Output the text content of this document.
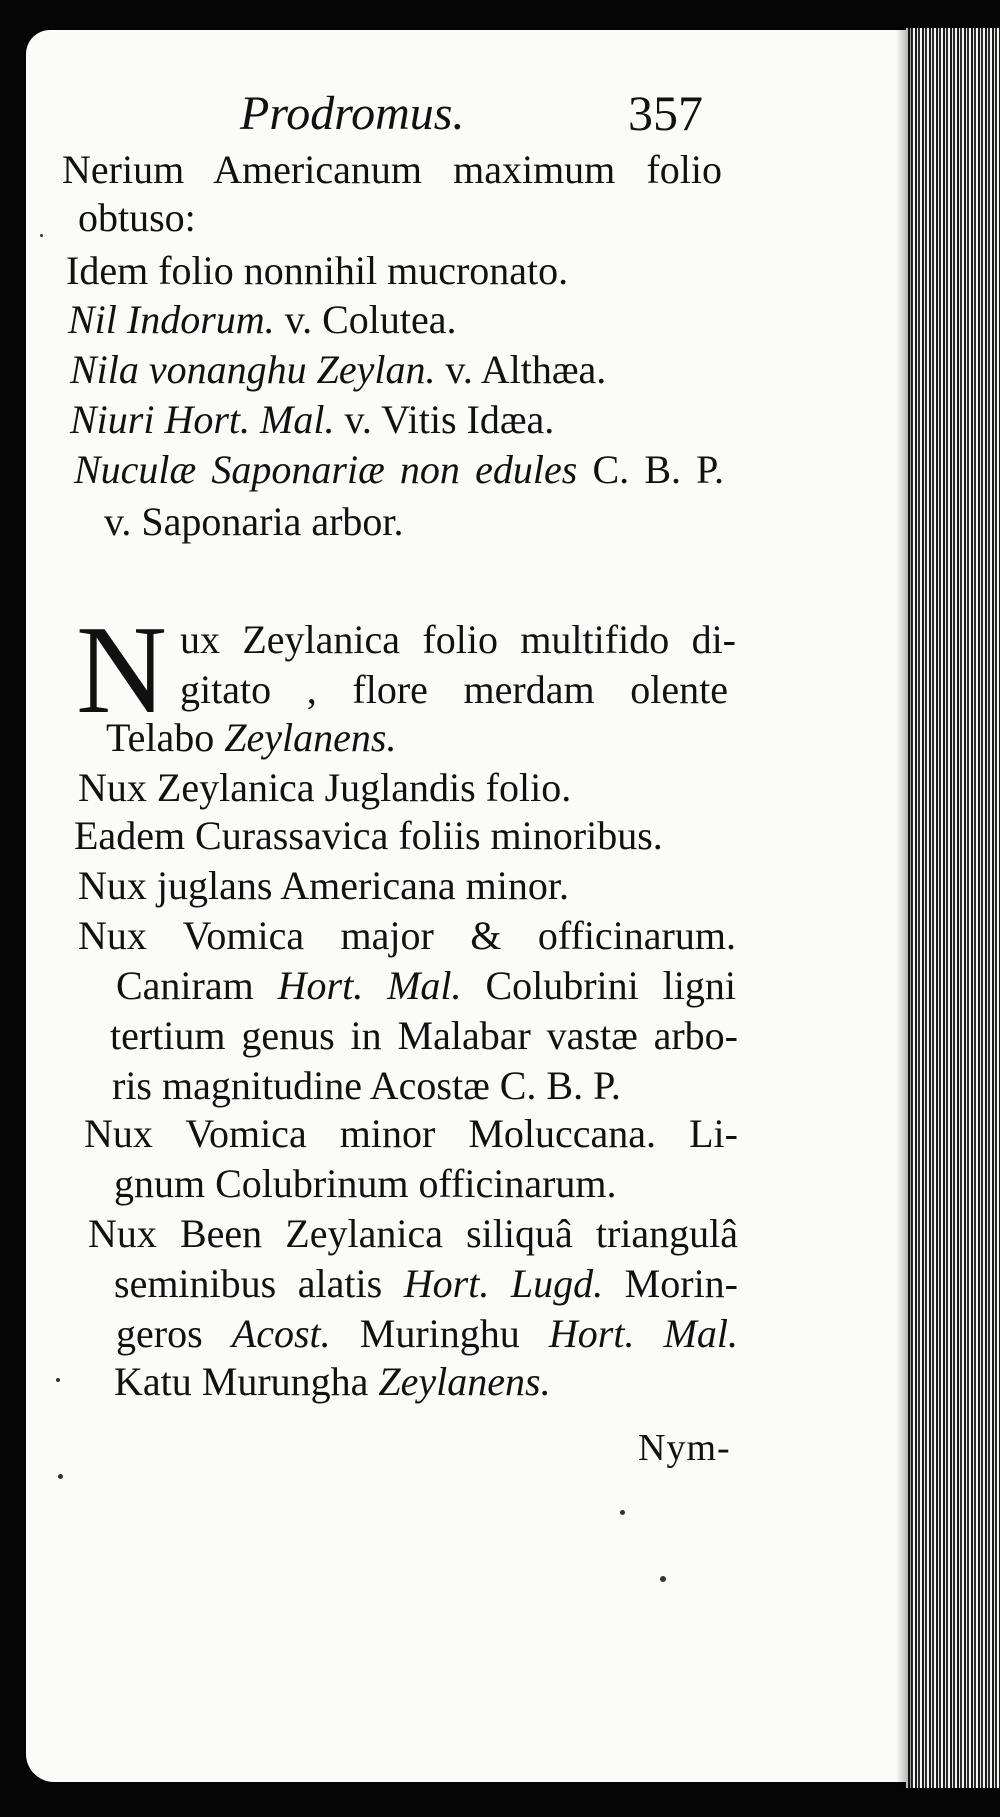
Prodromus.	357
Nerium Americanum maximum folio
obtuso:
Idem folio nonnihil mucronato.
Nil Indorum. v. Colutea.
Nila vonanghu Zeylan. v. Althæa.
Niuri Hort. Mal. v. Vitis Idæa.
Nuculæ Saponariæ non edules C. B. P.
v. Saponaria arbor.
N ux Zeylanica folio multifido di-
gitato , flore merdam olente
Telabo Zeylanens.
Nux Zeylanica Juglandis folio.
Eadem Curassavica foliis minoribus.
Nux juglans Americana minor.
Nux Vomica major & officinarum.
Caniram Hort. Mal. Colubrini ligni
tertium genus in Malabar vastæ arbo-
ris magnitudine Acostæ C. B. P.
Nux Vomica minor Moluccana. Li-
gnum Colubrinum officinarum.
Nux Been Zeylanica siliquâ triangulâ
seminibus alatis Hort. Lugd. Morin-
geros Acost. Muringhu Hort. Mal.
Katu Murungha Zeylanens.
Nym-
